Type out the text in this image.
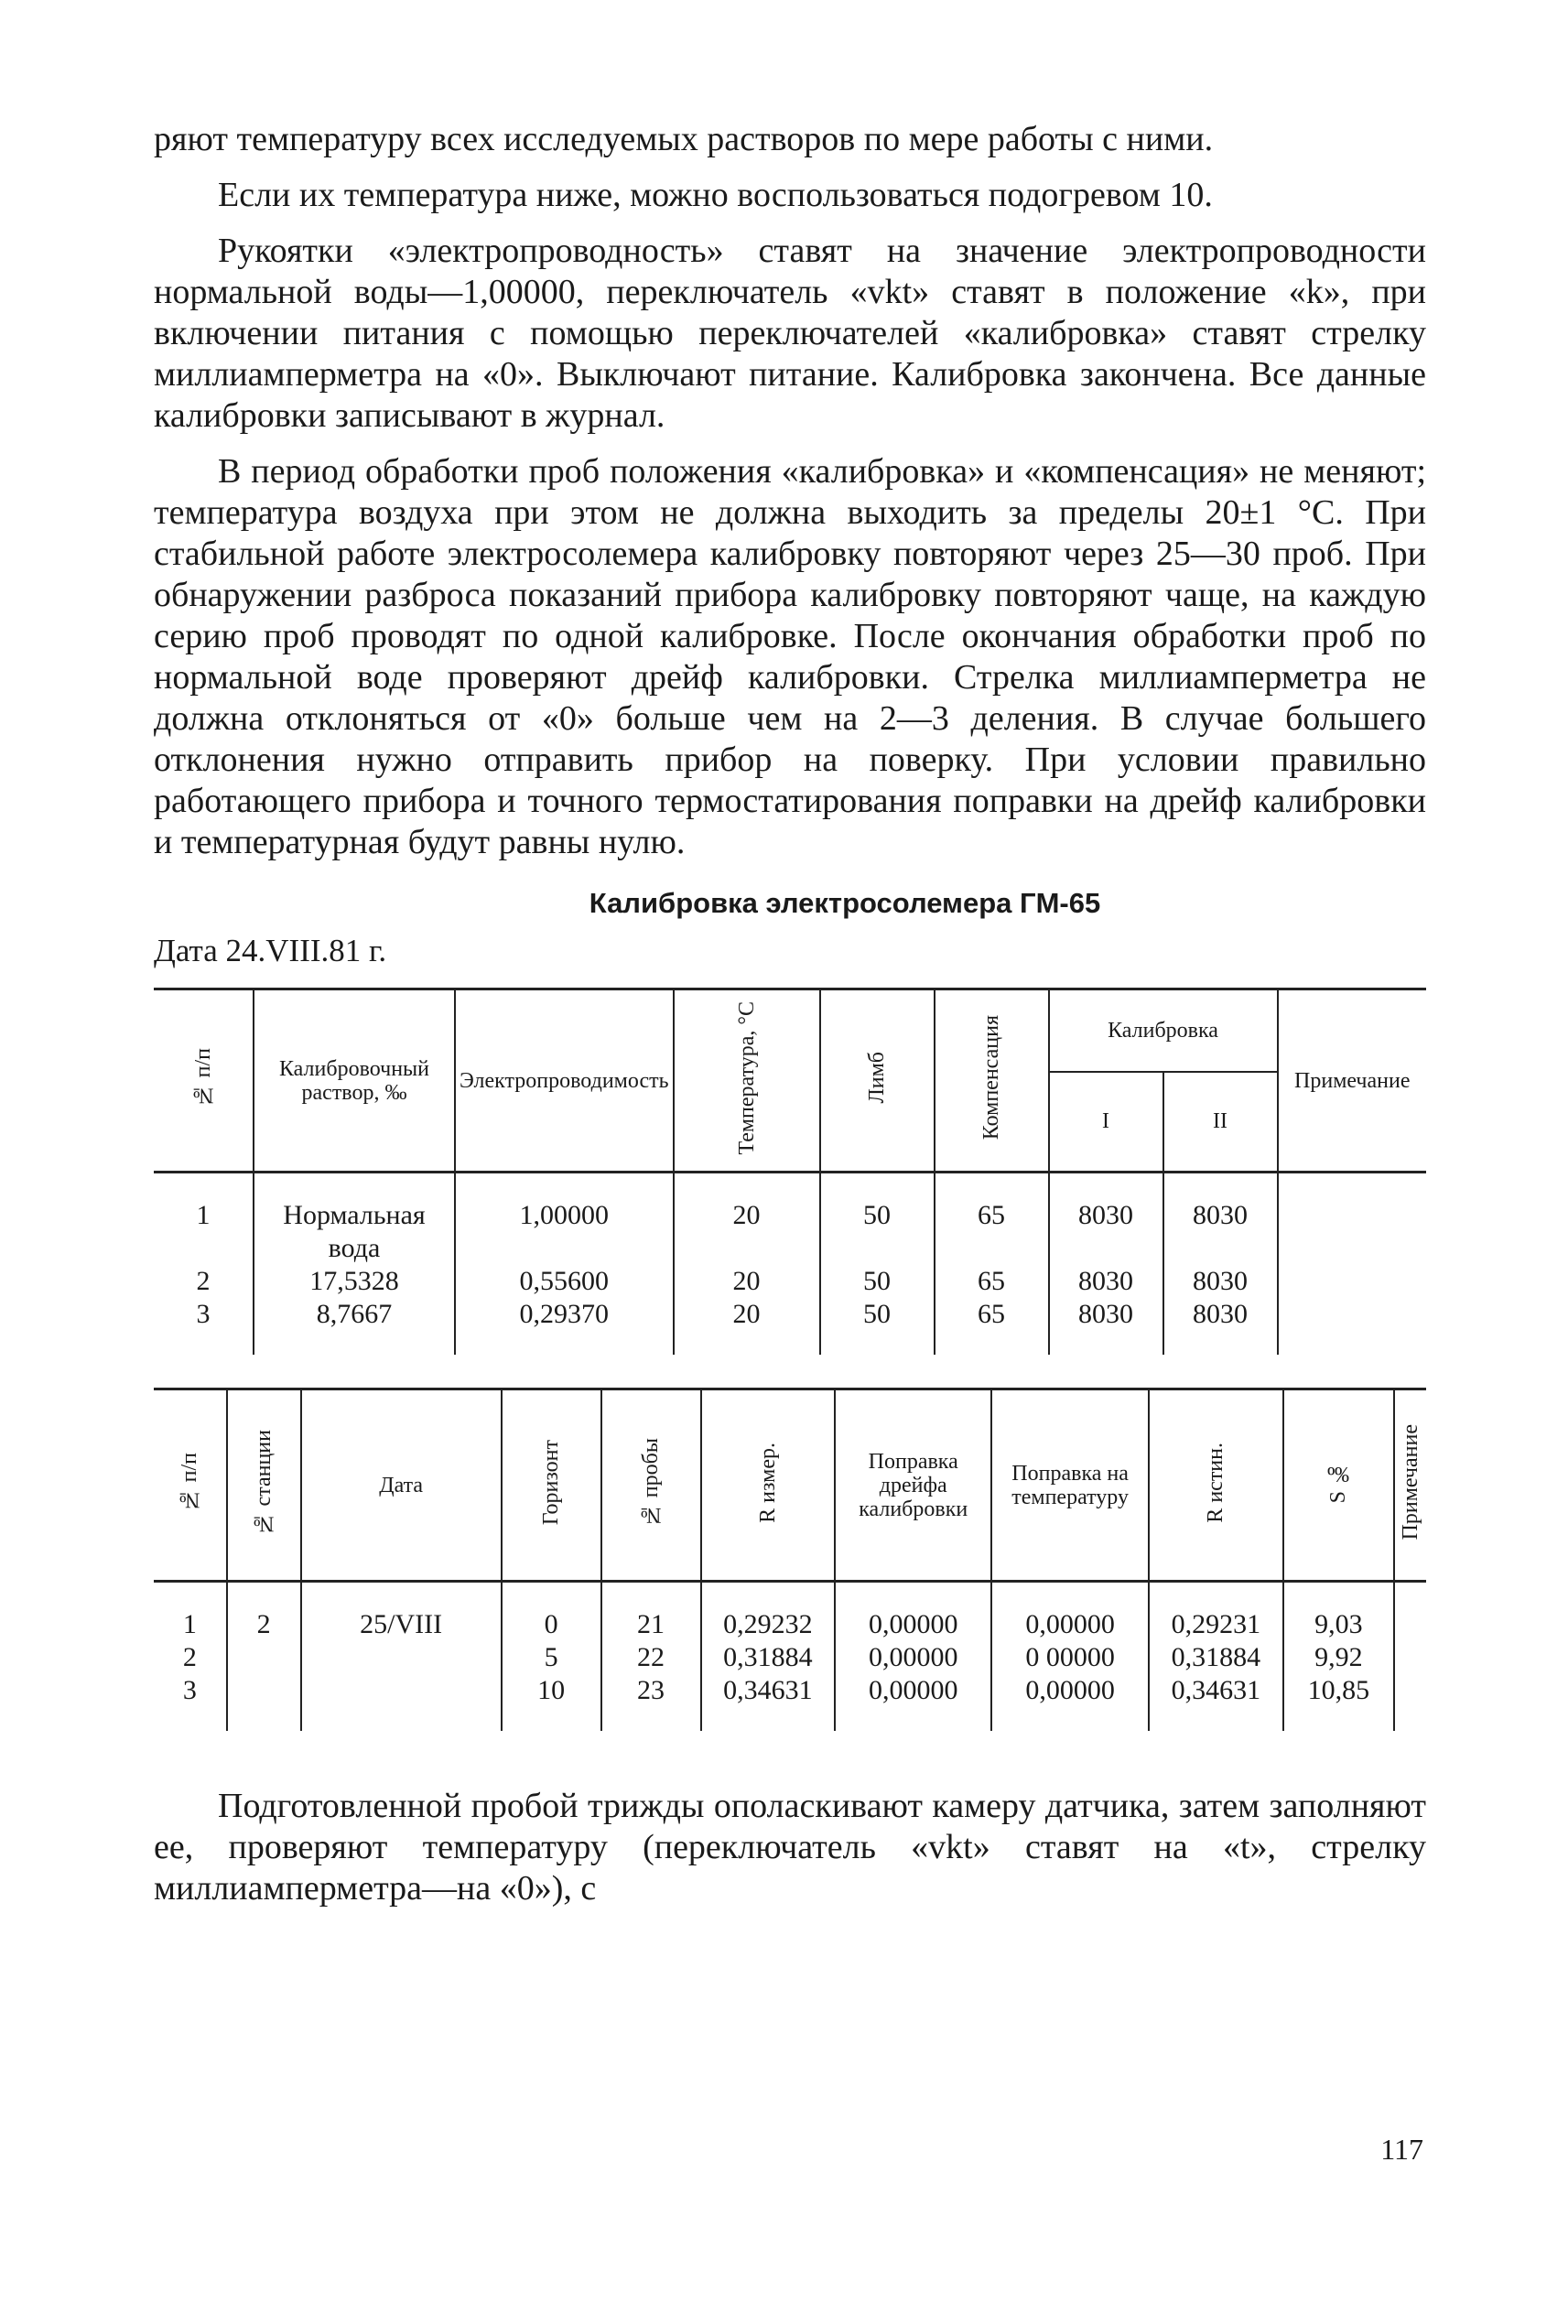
ряют температуру всех исследуемых растворов по мере работы с ними.

Если их температура ниже, можно воспользоваться подогревом 10.

Рукоятки «электропроводность» ставят на значение электропроводности нормальной воды—1,00000, переключатель «vkt» ставят в положение «k», при включении питания с помощью переключателей «калибровка» ставят стрелку миллиамперметра на «0». Выключают питание. Калибровка закончена. Все данные калибровки записывают в журнал.

В период обработки проб положения «калибровка» и «компенсация» не меняют; температура воздуха при этом не должна выходить за пределы 20±1 °С. При стабильной работе электросолемера калибровку повторяют через 25—30 проб. При обнаружении разброса показаний прибора калибровку повторяют чаще, на каждую серию проб проводят по одной калибровке. После окончания обработки проб по нормальной воде проверяют дрейф калибровки. Стрелка миллиамперметра не должна отклоняться от «0» больше чем на 2—3 деления. В случае большего отклонения нужно отправить прибор на поверку. При условии правильно работающего прибора и точного термостатирования поправки на дрейф калибровки и температурная будут равны нулю.

Калибровка электросолемера ГМ-65
Дата 24.VIII.81 г.
№ п/п	Калибровочный раствор, ‰	Электропроводимость	Температура, °С	Лимб	Компенсация	Калибровка		Примечание
						I	II	
1	Нормальная вода	1,00000	20	50	65	8030	8030	
2	17,5328	0,55600	20	50	65	8030	8030	
3	8,7667	0,29370	20	50	65	8030	8030	
№ п/п	№ станции	Дата	Горизонт	№ пробы	R измер.	Поправка дрейфа калибровки	Поправка на температуру	R истин.	S ‰	Примечание
1	2	25/VIII	0	21	0,29232	0,00000	0,00000	0,29231	9,03	
2			5	22	0,31884	0,00000	0 00000	0,31884	9,92	
3			10	23	0,34631	0,00000	0,00000	0,34631	10,85	

Подготовленной пробой трижды ополаскивают камеру датчика, затем заполняют ее, проверяют температуру (переключатель «vkt» ставят на «t», стрелку миллиамперметра—на «0»), с

117
